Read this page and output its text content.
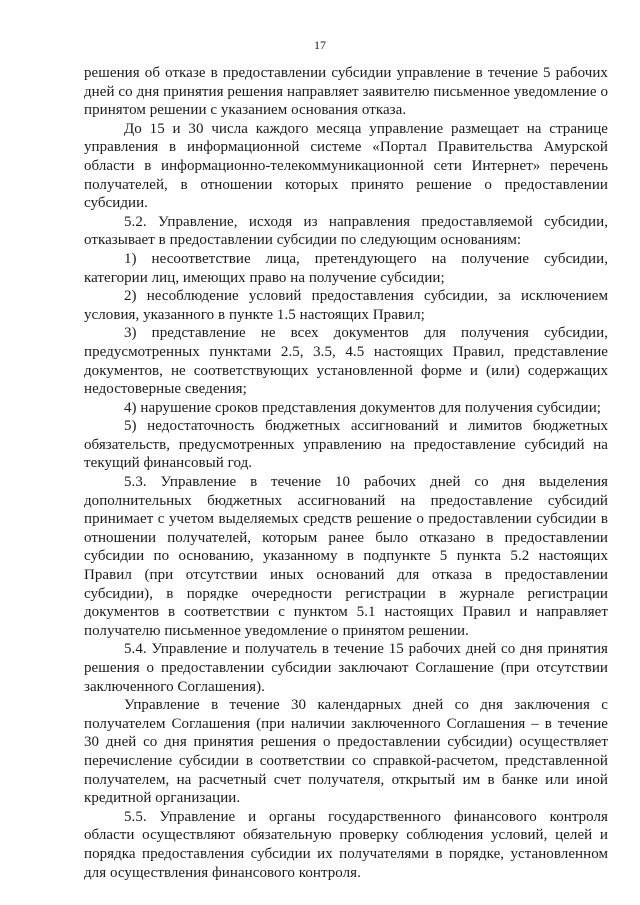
17

решения об отказе в предоставлении субсидии управление в течение 5 рабочих дней со дня принятия решения направляет заявителю письменное уведомление о принятом решении с указанием основания отказа.

До 15 и 30 числа каждого месяца управление размещает на странице управления в информационной системе «Портал Правительства Амурской области в информационно-телекоммуникационной сети Интернет» перечень получателей, в отношении которых принято решение о предоставлении субсидии.

5.2. Управление, исходя из направления предоставляемой субсидии, отказывает в предоставлении субсидии по следующим основаниям:

1) несоответствие лица, претендующего на получение субсидии, категории лиц, имеющих право на получение субсидии;

2) несоблюдение условий предоставления субсидии, за исключением условия, указанного в пункте 1.5 настоящих Правил;

3) представление не всех документов для получения субсидии, предусмотренных пунктами 2.5, 3.5, 4.5 настоящих Правил, представление документов, не соответствующих установленной форме и (или) содержащих недостоверные сведения;

4) нарушение сроков представления документов для получения субсидии;

5) недостаточность бюджетных ассигнований и лимитов бюджетных обязательств, предусмотренных управлению на предоставление субсидий на текущий финансовый год.

5.3. Управление в течение 10 рабочих дней со дня выделения дополнительных бюджетных ассигнований на предоставление субсидий принимает с учетом выделяемых средств решение о предоставлении субсидии в отношении получателей, которым ранее было отказано в предоставлении субсидии по основанию, указанному в подпункте 5 пункта 5.2 настоящих Правил (при отсутствии иных оснований для отказа в предоставлении субсидии), в порядке очередности регистрации в журнале регистрации документов в соответствии с пунктом 5.1 настоящих Правил и направляет получателю письменное уведомление о принятом решении.

5.4. Управление и получатель в течение 15 рабочих дней со дня принятия решения о предоставлении субсидии заключают Соглашение (при отсутствии заключенного Соглашения).

Управление в течение 30 календарных дней со дня заключения с получателем Соглашения (при наличии заключенного Соглашения – в течение 30 дней со дня принятия решения о предоставлении субсидии) осуществляет перечисление субсидии в соответствии со справкой-расчетом, представленной получателем, на расчетный счет получателя, открытый им в банке или иной кредитной организации.

5.5. Управление и органы государственного финансового контроля области осуществляют обязательную проверку соблюдения условий, целей и порядка предоставления субсидии их получателями в порядке, установленном для осуществления финансового контроля.
